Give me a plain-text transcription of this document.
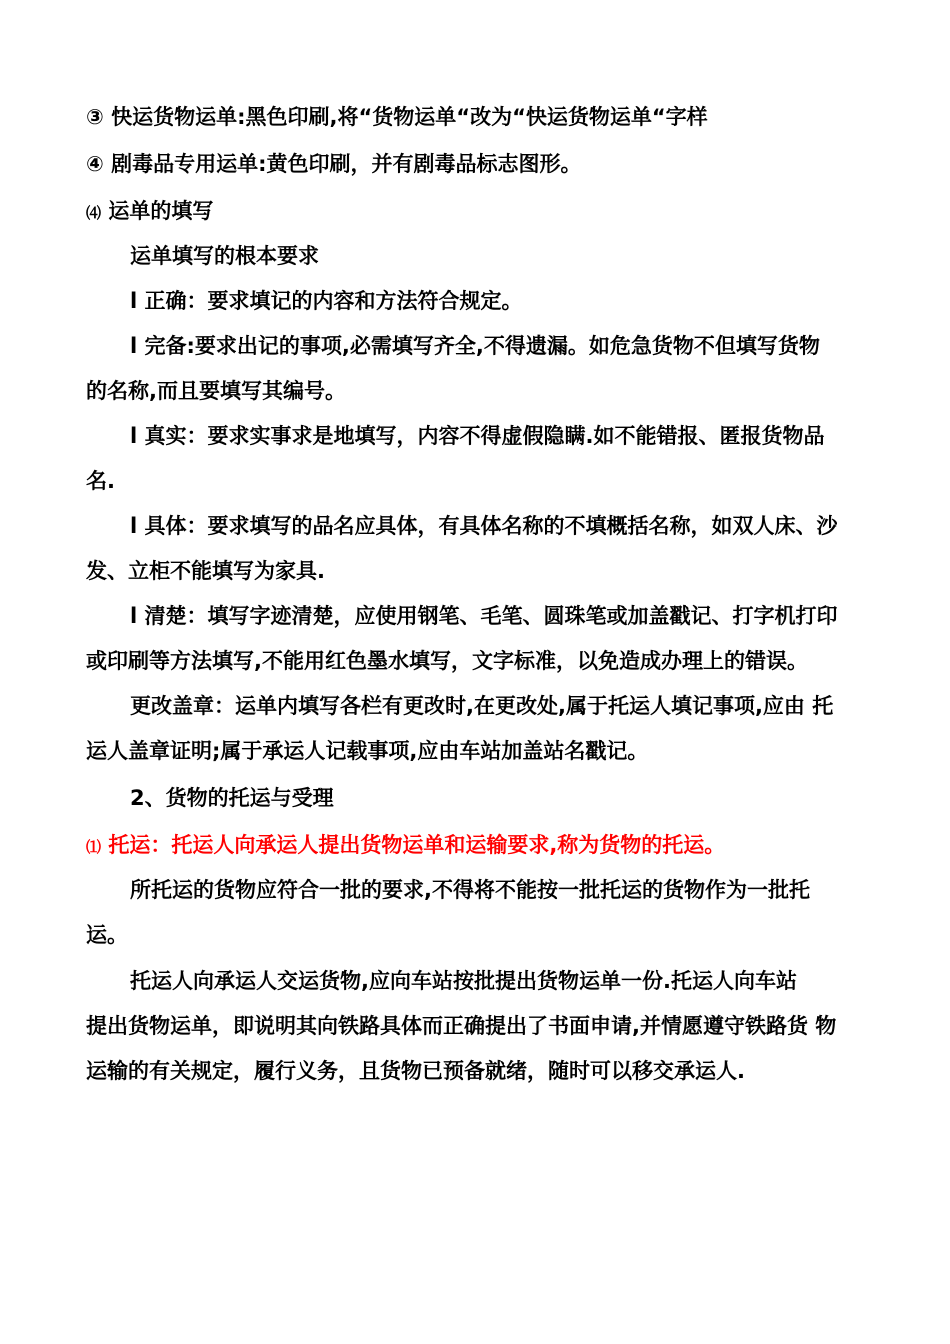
③ 快运货物运单:黑色印刷,将“货物运单“改为“快运货物运单“字样
④ 剧毒品专用运单:黄色印刷，并有剧毒品标志图形。
⑷ 运单的填写
运单填写的根本要求
l 正确：要求填记的内容和方法符合规定。
l 完备:要求出记的事项,必需填写齐全,不得遗漏。如危急货物不但填写货物
的名称,而且要填写其编号。
l 真实：要求实事求是地填写，内容不得虚假隐瞒.如不能错报、匿报货物品
名.
l 具体：要求填写的品名应具体，有具体名称的不填概括名称，如双人床、沙
发、立柜不能填写为家具.
l 清楚：填写字迹清楚，应使用钢笔、毛笔、圆珠笔或加盖戳记、打字机打印
或印刷等方法填写,不能用红色墨水填写，文字标准，以免造成办理上的错误。
更改盖章：运单内填写各栏有更改时,在更改处,属于托运人填记事项,应由 托
运人盖章证明;属于承运人记载事项,应由车站加盖站名戳记。
2、货物的托运与受理
⑴ 托运：托运人向承运人提出货物运单和运输要求,称为货物的托运。
所托运的货物应符合一批的要求,不得将不能按一批托运的货物作为一批托
运。
托运人向承运人交运货物,应向车站按批提出货物运单一份.托运人向车站
提出货物运单，即说明其向铁路具体而正确提出了书面申请,并情愿遵守铁路货 物
运输的有关规定，履行义务，且货物已预备就绪，随时可以移交承运人.
